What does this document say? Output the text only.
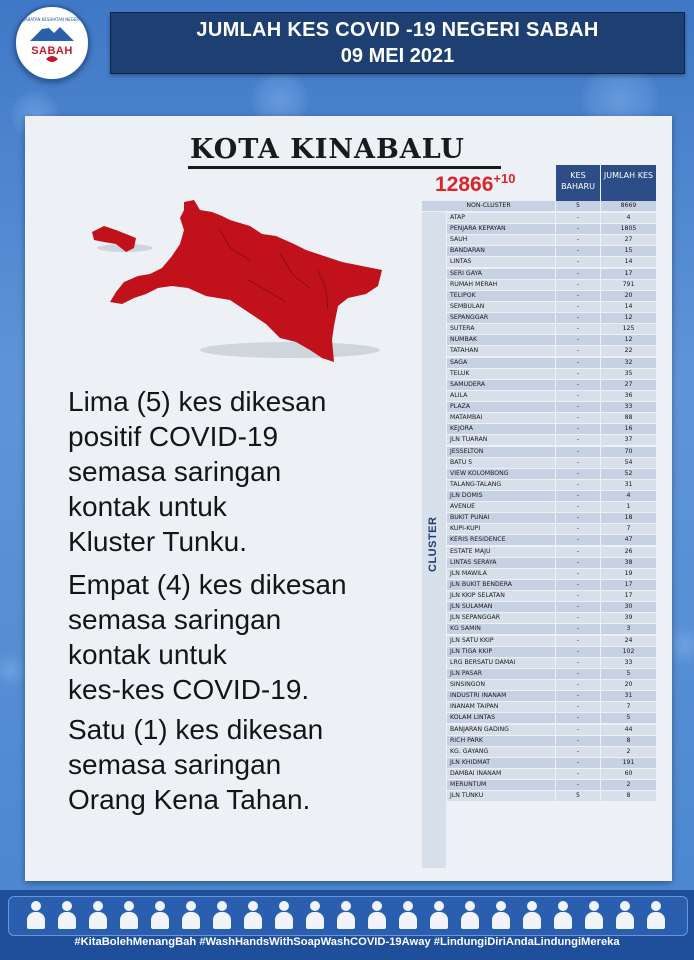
JABATAN KESIHATAN NEGERI
SABAH
JUMLAH KES COVID -19 NEGERI SABAH
09 MEI 2021
KOTA KINABALU
$12866^{+10}$
Lima (5) kes dikesan
positif COVID-19
semasa saringan
kontak untuk
Kluster Tunku.
Empat (4) kes dikesan
semasa saringan
kontak untuk
kes-kes COVID-19.
Satu (1) kes dikesan
semasa saringan
Orang Kena Tahan.
KES BAHARU
JUMLAH KES
NON-CLUSTER	5	8669
ATAP	-	4
PENJARA KEPAYAN	-	1805
SAUH	-	27
BANDARAN	-	15
LINTAS	-	14
SERI GAYA	-	17
RUMAH MERAH	-	791
TELIPOK	-	20
SEMBULAN	-	14
SEPANGGAR	-	12
SUTERA	-	125
NUMBAK	-	12
TATAHAN	-	22
SAGA	-	32
TELUK	-	35
SAMUDERA	-	27
ALILA	-	36
PLAZA	-	33
MATAMBAI	-	88
KEJORA	-	16
JLN TUARAN	-	37
JESSELTON	-	70
BATU 5	-	54
VIEW KOLOMBONG	-	52
TALANG-TALANG	-	31
JLN DOMIS	-	4
AVENUE	-	1
BUKIT PUNAI	-	18
KUPI-KUPI	-	7
KERIS RESIDENCE	-	47
ESTATE MAJU	-	26
LINTAS SERAYA	-	38
JLN MAWILA	-	19
JLN BUKIT BENDERA	-	17
JLN KKIP SELATAN	-	17
JLN SULAMAN	-	30
JLN SEPANGGAR	-	39
KG SAMIN	-	3
JLN SATU KKIP	-	24
JLN TIGA KKIP	-	102
LRG BERSATU DAMAI	-	33
JLN PASAR	-	5
SINSINGON	-	20
INDUSTRI INANAM	-	31
INANAM TAIPAN	-	7
KOLAM LINTAS	-	5
BANJARAN GADING	-	44
RICH PARK	-	8
KG. GAYANG	-	2
JLN KHIDMAT	-	191
DAMBAI INANAM	-	60
MERUNTUM	-	2
JLN TUNKU	5	8
CLUSTER
#KitaBolehMenangBah #WashHandsWithSoapWashCOVID-19Away #LindungiDiriAndaLindungiMereka
